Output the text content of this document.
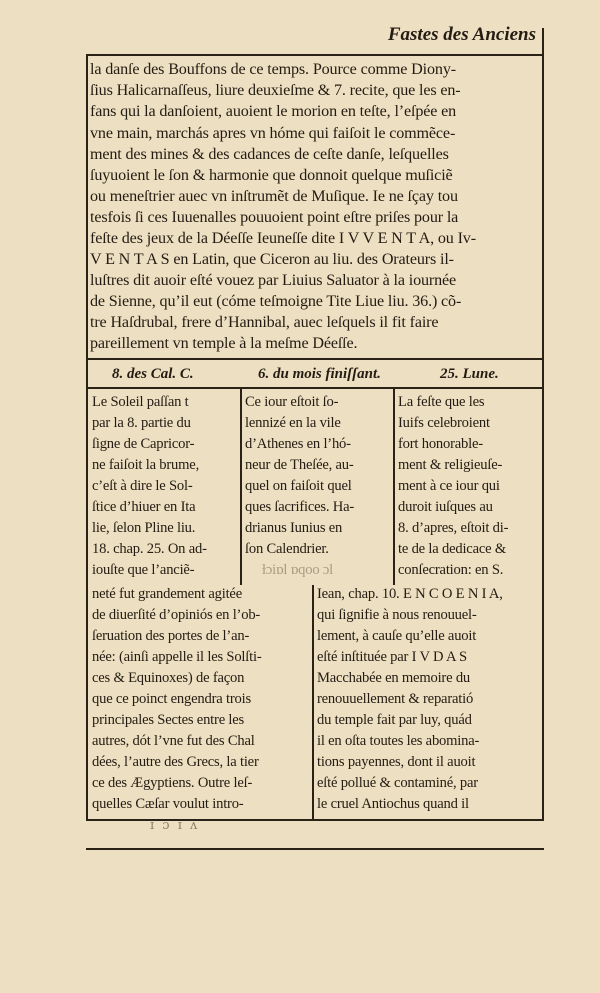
Fastes des Anciens
la danſe des Bouffons de ce temps. Pource comme Diony-
ſius Halicarnaſſeus, liure deuxieſme & 7. recite, que les en-
fans qui la danſoient, auoient le morion en teſte, l’eſpée en
vne main, marchás apres vn hóme qui faiſoit le commẽce-
ment des mines & des cadances de ceſte danſe, leſquelles
ſuyuoient le ſon & harmonie que donnoit quelque muſiciẽ
ou meneſtrier auec vn inſtrumẽt de Muſique. Ie ne ſçay tou
tesfois ſi ces Iuuenalles pouuoient point eſtre priſes pour la
feſte des jeux de la Déeſſe Ieuneſſe dite I V V E N T A, ou Iv-
V E N T A S en Latin, que Ciceron au liu. des Orateurs il-
luſtres dit auoir eſté vouez par Liuius Saluator à la iournée
de Sienne, qu’il eut (cóme teſmoigne Tite Liue liu. 36.) cõ-
tre Haſdrubal, frere d’Hannibal, auec leſquels il fit faire
pareillement vn temple à la meſme Déeſſe.
8. des Cal. C.	6. du mois finiſſant.	25. Lune.
Le Soleil paſſan t
par la 8. partie du
ſigne de Capricor-
ne faiſoit la brume,
c’eſt à dire le Sol-
ſtice d’hiuer en Ita
lie, ſelon Pline liu.
18. chap. 25. On ad-
iouſte que l’anciẽ-
Ce iour eſtoit ſo-
lennizé en la vile
d’Athenes en l’hó-
neur de Theſée, au-
quel on faiſoit quel
ques ſacrifices. Ha-
drianus Iunius en
ſon Calendrier.
ƚɔiɒl ɒqoo ɔl
La feſte que les
Iuifs celebroient
fort honorable-
ment & religieuſe-
ment à ce iour qui
duroit iuſques au
8. d’apres, eſtoit di-
te de la dedicace &
conſecration: en S.
neté fut grandement agitée
de diuerſité d’opiniós en l’ob-
ſeruation des portes de l’an-
née: (ainſi appelle il les Solſti-
ces & Equinoxes) de façon
que ce poinct engendra trois
principales Sectes entre les
autres, dót l’vne fut des Chal
dées, l’autre des Grecs, la tier
ce des Ægyptiens. Outre leſ-
quelles Cæſar voulut intro-
Iean, chap. 10. E N C O E N I A,
qui ſignifie à nous renouuel-
lement, à cauſe qu’elle auoit
eſté inſtituée par I V D A S
Macchabée en memoire du
renouuellement & reparatió
du temple fait par luy, quád
il en oſta toutes les abomina-
tions payennes, dont il auoit
eſté pollué & contaminé, par
le cruel Antiochus quand il
ɪ ɔ ɪ ʌ
